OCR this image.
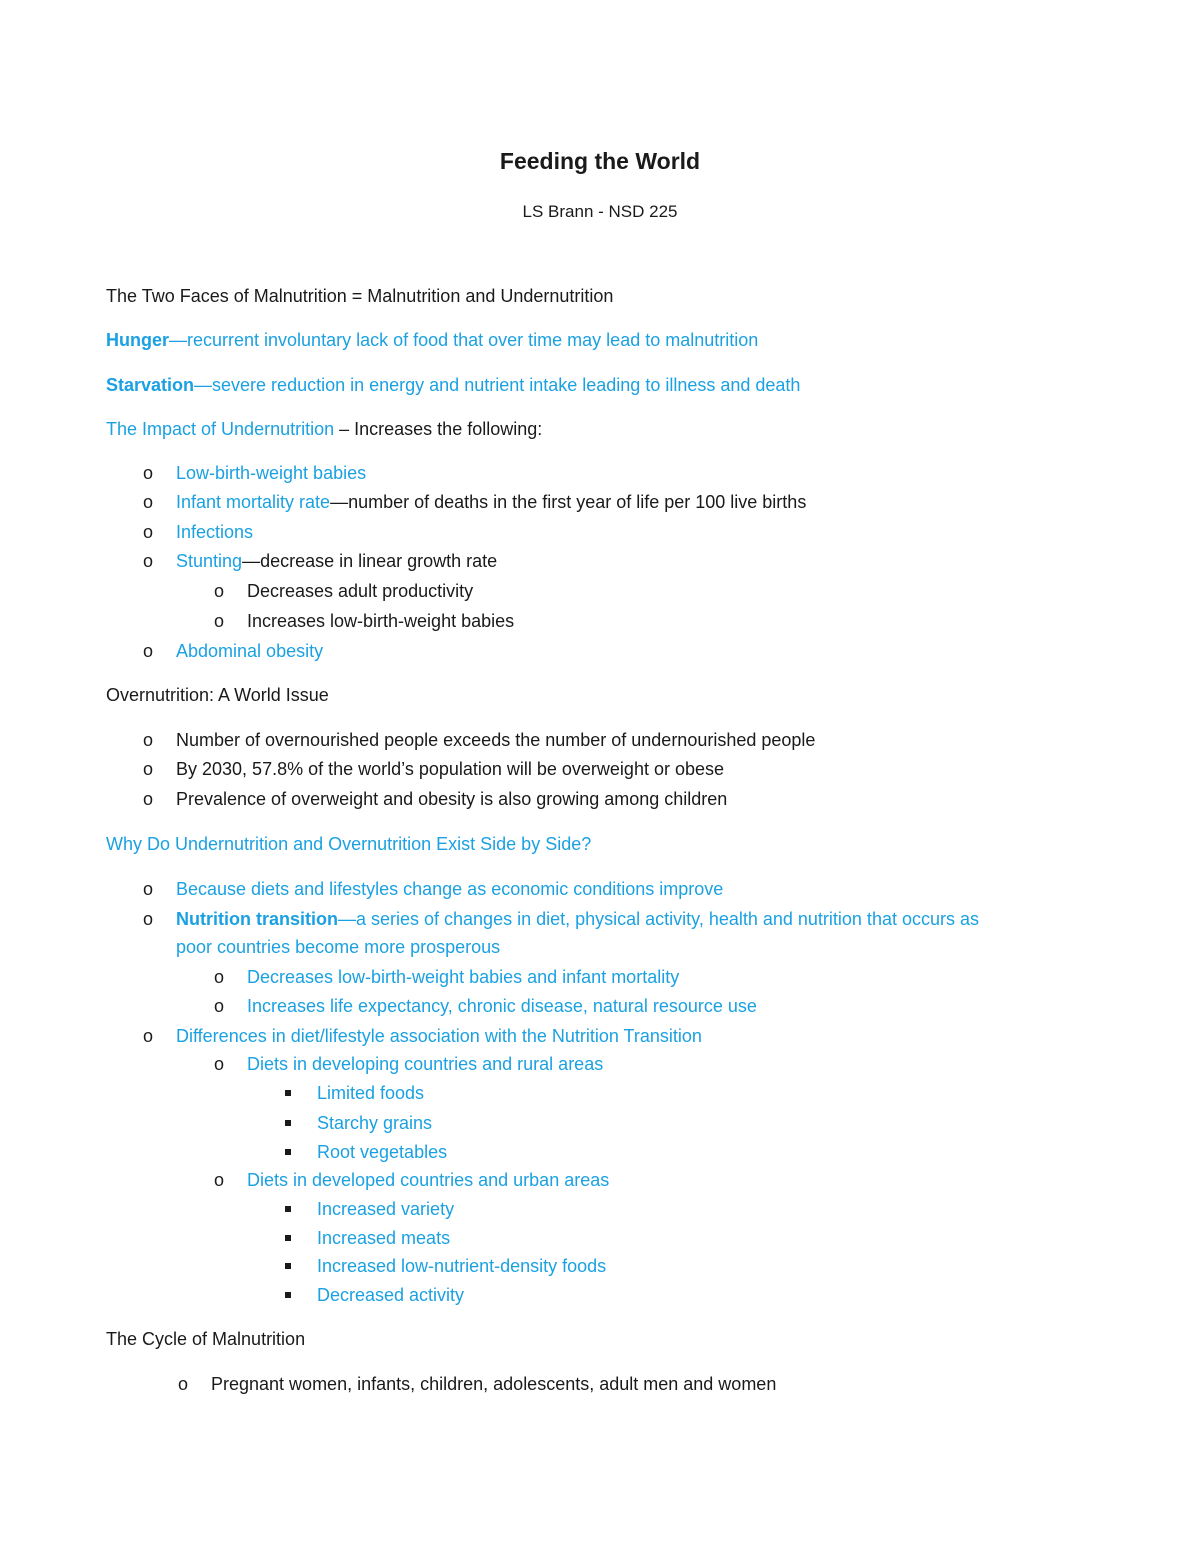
Feeding the World
LS Brann - NSD 225
The Two Faces of Malnutrition = Malnutrition and Undernutrition
Hunger—recurrent involuntary lack of food that over time may lead to malnutrition
Starvation—severe reduction in energy and nutrient intake leading to illness and death
The Impact of Undernutrition – Increases the following:
o Low-birth-weight babies
o Infant mortality rate—number of deaths in the first year of life per 100 live births
o Infections
o Stunting—decrease in linear growth rate
o Decreases adult productivity
o Increases low-birth-weight babies
o Abdominal obesity
Overnutrition: A World Issue
o Number of overnourished people exceeds the number of undernourished people
o By 2030, 57.8% of the world’s population will be overweight or obese
o Prevalence of overweight and obesity is also growing among children
Why Do Undernutrition and Overnutrition Exist Side by Side?
o Because diets and lifestyles change as economic conditions improve
o Nutrition transition—a series of changes in diet, physical activity, health and nutrition that occurs as
poor countries become more prosperous
o Decreases low-birth-weight babies and infant mortality
o Increases life expectancy, chronic disease, natural resource use
o Differences in diet/lifestyle association with the Nutrition Transition
o Diets in developing countries and rural areas
Limited foods
Starchy grains
Root vegetables
o Diets in developed countries and urban areas
Increased variety
Increased meats
Increased low-nutrient-density foods
Decreased activity
The Cycle of Malnutrition
o Pregnant women, infants, children, adolescents, adult men and women
